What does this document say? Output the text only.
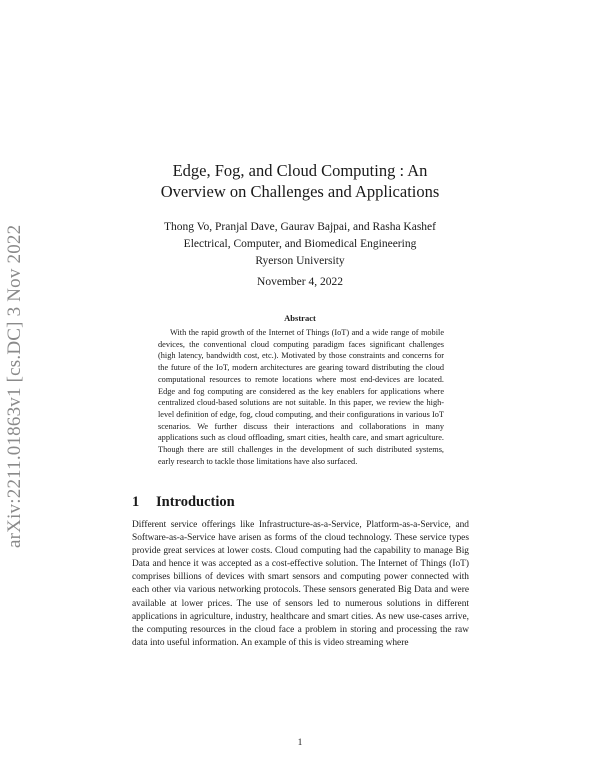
arXiv:2211.01863v1 [cs.DC] 3 Nov 2022
Edge, Fog, and Cloud Computing : An
Overview on Challenges and Applications
Thong Vo, Pranjal Dave, Gaurav Bajpai, and Rasha Kashef
Electrical, Computer, and Biomedical Engineering
Ryerson University
November 4, 2022
Abstract
With the rapid growth of the Internet of Things (IoT) and a wide range of mobile devices, the conventional cloud computing paradigm faces significant challenges (high latency, bandwidth cost, etc.). Motivated by those constraints and concerns for the future of the IoT, modern architectures are gearing toward distributing the cloud computational resources to remote locations where most end-devices are located. Edge and fog computing are considered as the key enablers for applications where centralized cloud-based solutions are not suitable. In this paper, we review the high-level definition of edge, fog, cloud computing, and their configurations in various IoT scenarios. We further discuss their interactions and collaborations in many applications such as cloud offloading, smart cities, health care, and smart agriculture. Though there are still challenges in the development of such distributed systems, early research to tackle those limitations have also surfaced.
1 Introduction
Different service offerings like Infrastructure-as-a-Service, Platform-as-a-Service, and Software-as-a-Service have arisen as forms of the cloud technology. These service types provide great services at lower costs. Cloud computing had the capability to manage Big Data and hence it was accepted as a cost-effective solution. The Internet of Things (IoT) comprises billions of devices with smart sensors and computing power connected with each other via various networking protocols. These sensors generated Big Data and were available at lower prices. The use of sensors led to numerous solutions in different applications in agriculture, industry, healthcare and smart cities. As new use-cases arrive, the computing resources in the cloud face a problem in storing and processing the raw data into useful information. An example of this is video streaming where
1
